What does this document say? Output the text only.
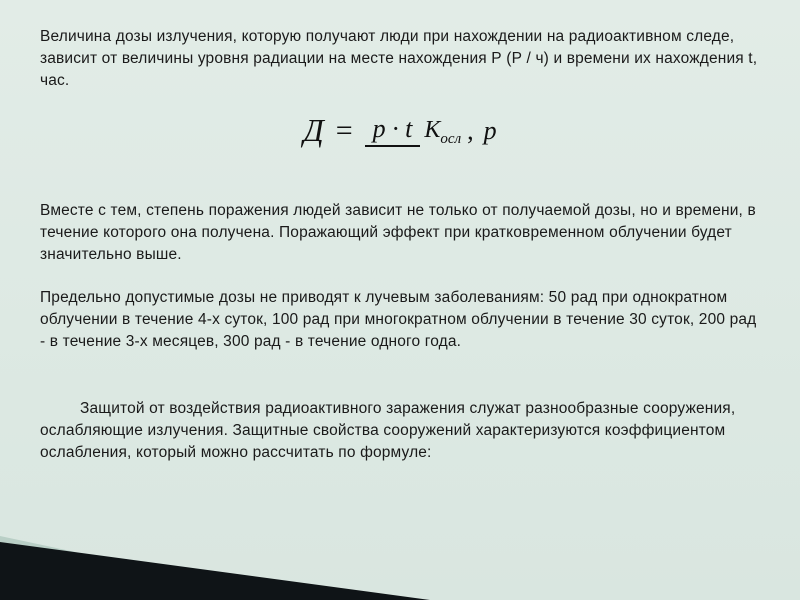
Величина дозы излучения, которую получают люди при нахождении на радиоактивном следе, зависит от величины уровня радиации на месте нахождения Р (Р / ч) и времени их нахождения t, час.
Д = p · t $K_{осл}$ , р
Вместе с тем, степень поражения людей зависит не только от получаемой дозы, но и времени, в течение которого она получена. Поражающий эффект при кратковременном облучении будет значительно выше.
Предельно допустимые дозы не приводят к лучевым заболеваниям: 50 рад при однократном облучении в течение 4-х суток, 100 рад при многократном облучении в течение 30 суток, 200 рад - в течение 3-х месяцев, 300 рад - в течение одного года.
Защитой от воздействия радиоактивного заражения служат разнообразные сооружения, ослабляющие излучения. Защитные свойства сооружений характеризуются коэффициентом ослабления, который можно рассчитать по формуле:
